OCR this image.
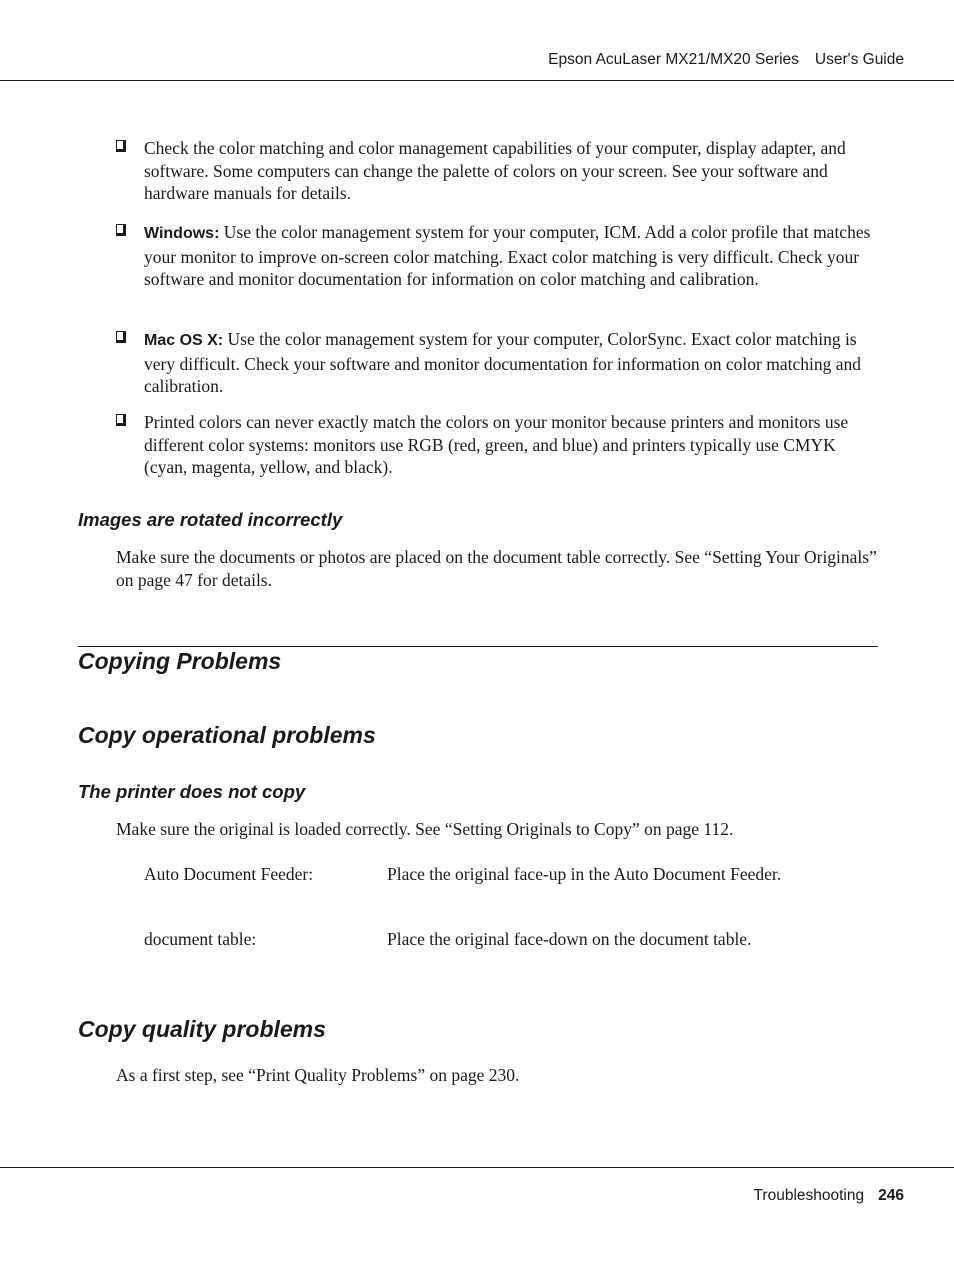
Epson AcuLaser MX21/MX20 Series User's Guide
Check the color matching and color management capabilities of your computer, display adapter, and software. Some computers can change the palette of colors on your screen. See your software and hardware manuals for details.
Windows: Use the color management system for your computer, ICM. Add a color profile that matches your monitor to improve on-screen color matching. Exact color matching is very difficult. Check your software and monitor documentation for information on color matching and calibration.
Mac OS X: Use the color management system for your computer, ColorSync. Exact color matching is very difficult. Check your software and monitor documentation for information on color matching and calibration.
Printed colors can never exactly match the colors on your monitor because printers and monitors use different color systems: monitors use RGB (red, green, and blue) and printers typically use CMYK (cyan, magenta, yellow, and black).
Images are rotated incorrectly
Make sure the documents or photos are placed on the document table correctly. See “Setting Your Originals” on page 47 for details.
Copying Problems
Copy operational problems
The printer does not copy
Make sure the original is loaded correctly. See “Setting Originals to Copy” on page 112.
Auto Document Feeder:	Place the original face-up in the Auto Document Feeder.
document table:	Place the original face-down on the document table.
Copy quality problems
As a first step, see “Print Quality Problems” on page 230.
Troubleshooting 246
